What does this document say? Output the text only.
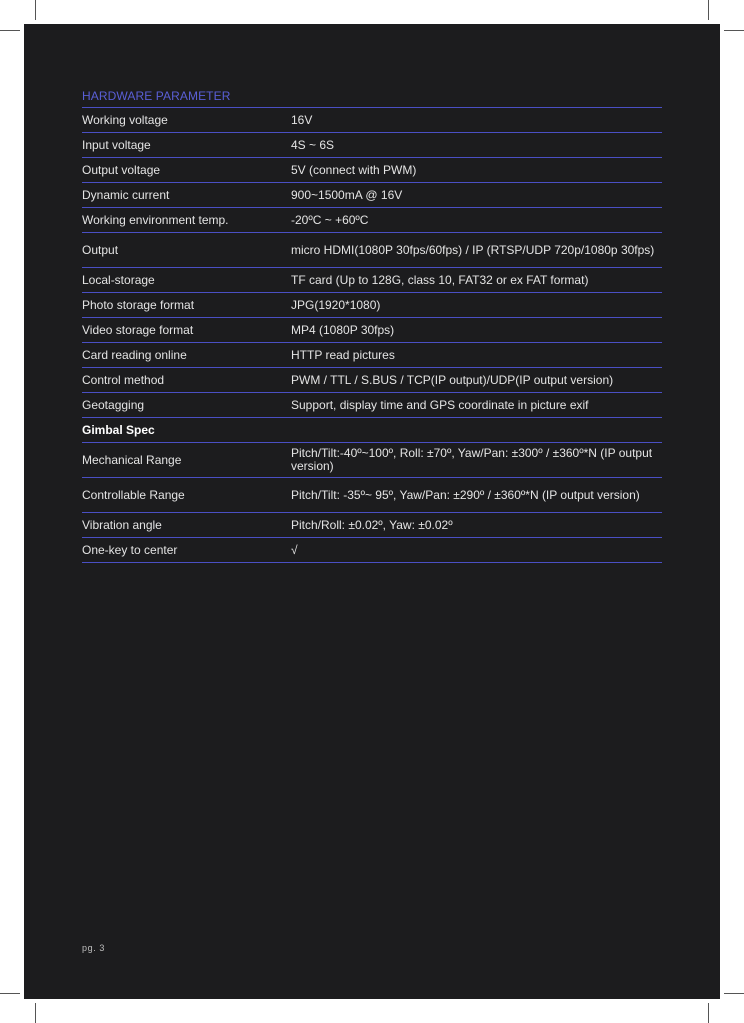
HARDWARE PARAMETER
Working voltage	16V
Input voltage	4S ~ 6S
Output voltage	5V (connect with PWM)
Dynamic current	900~1500mA @ 16V
Working environment temp.	-20ºC ~ +60ºC
Output	micro HDMI(1080P 30fps/60fps) / IP (RTSP/UDP 720p/1080p 30fps)
Local-storage	TF card (Up to 128G, class 10, FAT32 or ex FAT format)
Photo storage format	JPG(1920*1080)
Video storage format	MP4 (1080P 30fps)
Card reading online	HTTP read pictures
Control method	PWM / TTL / S.BUS / TCP(IP output)/UDP(IP output version)
Geotagging	Support, display time and GPS coordinate in picture exif
Gimbal Spec
Mechanical Range	Pitch/Tilt:-40º~100º, Roll: ±70º, Yaw/Pan: ±300º / ±360º*N (IP output version)
Controllable Range	Pitch/Tilt: -35º~ 95º, Yaw/Pan: ±290º / ±360º*N (IP output version)
Vibration angle	Pitch/Roll: ±0.02º, Yaw: ±0.02º
One-key to center	√
pg. 3
